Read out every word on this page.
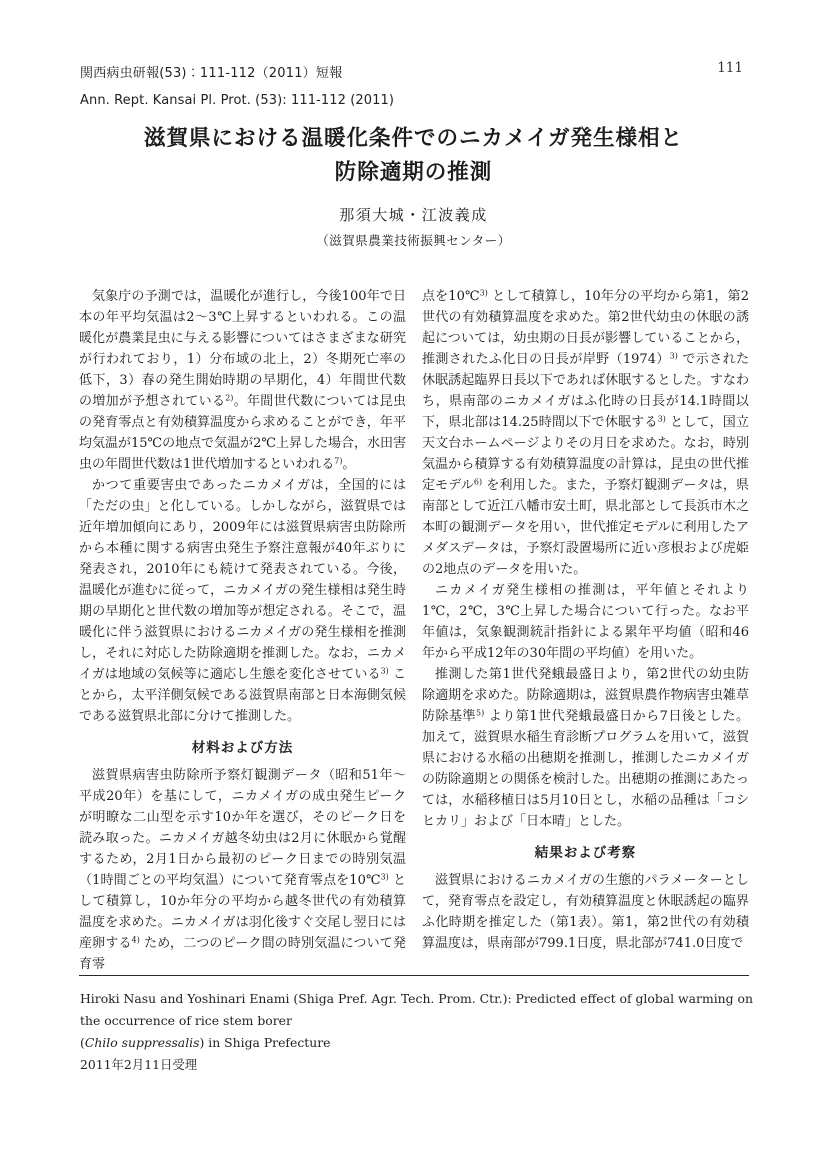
関西病虫研報(53)：111-112（2011）短報
Ann. Rept. Kansai Pl. Prot. (53): 111-112 (2011)
111
滋賀県における温暖化条件でのニカメイガ発生様相と
防除適期の推測
那須大城・江波義成
（滋賀県農業技術振興センター）

気象庁の予測では，温暖化が進行し，今後100年で日本の年平均気温は2～3℃上昇するといわれる。この温暖化が農業昆虫に与える影響についてはさまざまな研究が行われており，1）分布域の北上，2）冬期死亡率の低下，3）春の発生開始時期の早期化，4）年間世代数の増加が予想されている$^{2)}$。年間世代数については昆虫の発育零点と有効積算温度から求めることができ，年平均気温が15℃の地点で気温が2℃上昇した場合，水田害虫の年間世代数は1世代増加するといわれる$^{7)}$。

かつて重要害虫であったニカメイガは，全国的には「ただの虫」と化している。しかしながら，滋賀県では近年増加傾向にあり，2009年には滋賀県病害虫防除所から本種に関する病害虫発生予察注意報が40年ぶりに発表され，2010年にも続けて発表されている。今後，温暖化が進むに従って，ニカメイガの発生様相は発生時期の早期化と世代数の増加等が想定される。そこで，温暖化に伴う滋賀県におけるニカメイガの発生様相を推測し，それに対応した防除適期を推測した。なお，ニカメイガは地域の気候等に適応し生態を変化させている$^{3)}$ ことから，太平洋側気候である滋賀県南部と日本海側気候である滋賀県北部に分けて推測した。

材料および方法

滋賀県病害虫防除所予察灯観測データ（昭和51年～平成20年）を基にして，ニカメイガの成虫発生ピークが明瞭な二山型を示す10か年を選び，そのピーク日を読み取った。ニカメイガ越冬幼虫は2月に休眠から覚醒するため，2月1日から最初のピーク日までの時別気温（1時間ごとの平均気温）について発育零点を10℃$^{3)}$ として積算し，10か年分の平均から越冬世代の有効積算温度を求めた。ニカメイガは羽化後すぐ交尾し翌日には産卵する$^{4)}$ ため，二つのピーク間の時別気温について発育零

点を10℃$^{3)}$ として積算し，10年分の平均から第1，第2世代の有効積算温度を求めた。第2世代幼虫の休眠の誘起については，幼虫期の日長が影響していることから，推測されたふ化日の日長が岸野$(1974)^{3)}$ で示された休眠誘起臨界日長以下であれば休眠するとした。すなわち，県南部のニカメイガはふ化時の日長が14.1時間以下，県北部は14.25時間以下で休眠する$^{3)}$ として，国立天文台ホームページよりその月日を求めた。なお，時別気温から積算する有効積算温度の計算は，昆虫の世代推定モデル$^{6)}$ を利用した。また，予察灯観測データは，県南部として近江八幡市安土町，県北部として長浜市木之本町の観測データを用い，世代推定モデルに利用したアメダスデータは，予察灯設置場所に近い彦根および虎姫の2地点のデータを用いた。

ニカメイガ発生様相の推測は，平年値とそれより1℃，2℃，3℃上昇した場合について行った。なお平年値は，気象観測統計指針による累年平均値（昭和46年から平成12年の30年間の平均値）を用いた。

推測した第1世代発蛾最盛日より，第2世代の幼虫防除適期を求めた。防除適期は，滋賀県農作物病害虫雑草防除基準$^{5)}$ より第1世代発蛾最盛日から7日後とした。加えて，滋賀県水稲生育診断プログラムを用いて，滋賀県における水稲の出穂期を推測し，推測したニカメイガの防除適期との関係を検討した。出穂期の推測にあたっては，水稲移植日は5月10日とし，水稲の品種は「コシヒカリ」および「日本晴」とした。

結果および考察

滋賀県におけるニカメイガの生態的パラメーターとして，発育零点を設定し，有効積算温度と休眠誘起の臨界ふ化時期を推定した（第1表）。第1，第2世代の有効積算温度は，県南部が799.1日度，県北部が741.0日度で

Hiroki Nasu and Yoshinari Enami (Shiga Pref. Agr. Tech. Prom. Ctr.): Predicted effect of global warming on the occurrence of rice stem borer

(Chilo suppressalis) in Shiga Prefecture

2011年2月11日受理
